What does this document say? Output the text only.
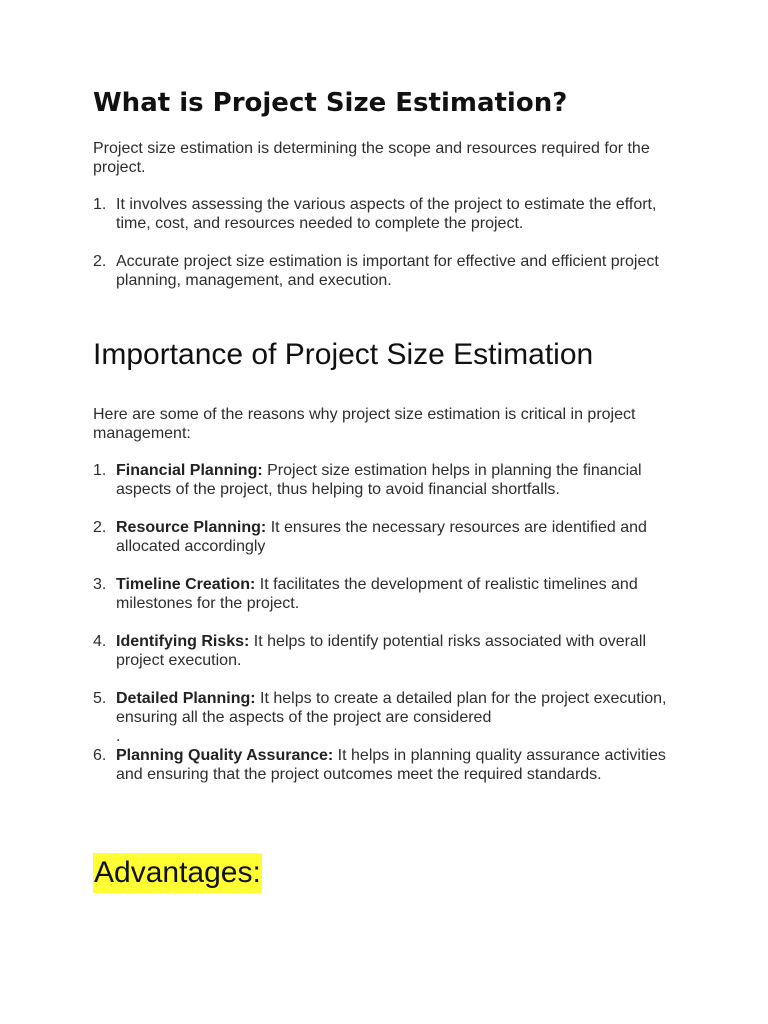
What is Project Size Estimation?

Project size estimation is determining the scope and resources required for the project.

1. It involves assessing the various aspects of the project to estimate the effort, time, cost, and resources needed to complete the project.
2. Accurate project size estimation is important for effective and efficient project planning, management, and execution.
Importance of Project Size Estimation

Here are some of the reasons why project size estimation is critical in project management:

1. Financial Planning: Project size estimation helps in planning the financial aspects of the project, thus helping to avoid financial shortfalls.
2. Resource Planning: It ensures the necessary resources are identified and allocated accordingly
3. Timeline Creation: It facilitates the development of realistic timelines and milestones for the project.
4. Identifying Risks: It helps to identify potential risks associated with overall project execution.
5. Detailed Planning: It helps to create a detailed plan for the project execution, ensuring all the aspects of the project are considered
.
6. Planning Quality Assurance: It helps in planning quality assurance activities and ensuring that the project outcomes meet the required standards.
Advantages:
